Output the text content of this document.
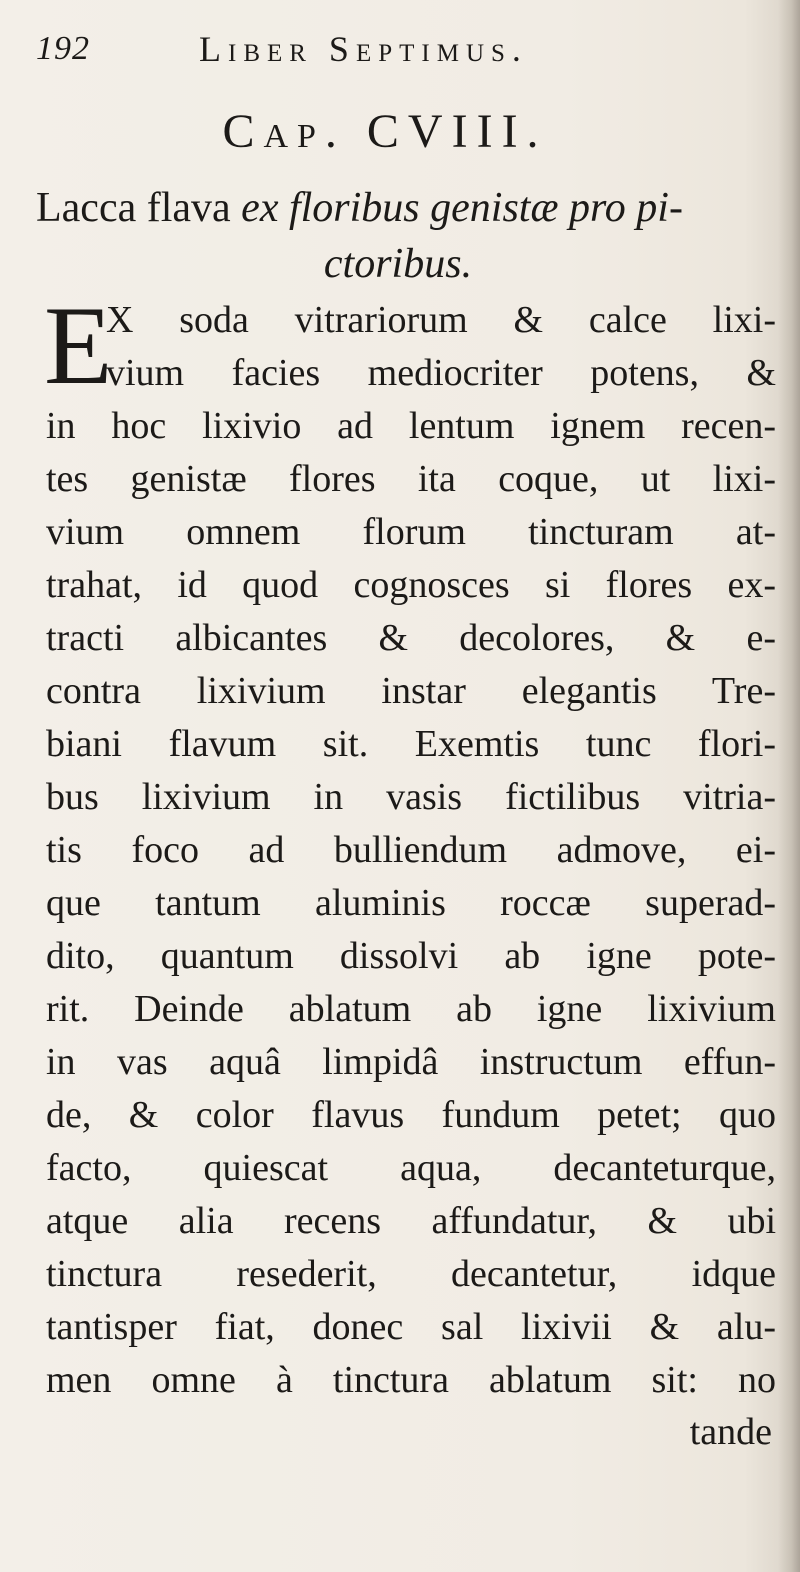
192	Liber Septimus.
Cap. CVIII.
Lacca flava ex floribus genistæ pro pi-
ctoribus.
E
X soda vitrariorum & calce lixi-
vium facies mediocriter potens, &
in hoc lixivio ad lentum ignem recen-
tes genistæ flores ita coque, ut lixi-
vium omnem florum tincturam at-
trahat, id quod cognosces si flores ex-
tracti albicantes & decolores, & e-
contra lixivium instar elegantis Tre-
biani flavum sit. Exemtis tunc flori-
bus lixivium in vasis fictilibus vitria-
tis foco ad bulliendum admove, ei-
que tantum aluminis roccæ superad-
dito, quantum dissolvi ab igne pote-
rit. Deinde ablatum ab igne lixivium
in vas aquâ limpidâ instructum effun-
de, & color flavus fundum petet; quo
facto, quiescat aqua, decanteturque,
atque alia recens affundatur, & ubi
tinctura resederit, decantetur, idque
tantisper fiat, donec sal lixivii & alu-
men omne à tinctura ablatum sit: no
tande
